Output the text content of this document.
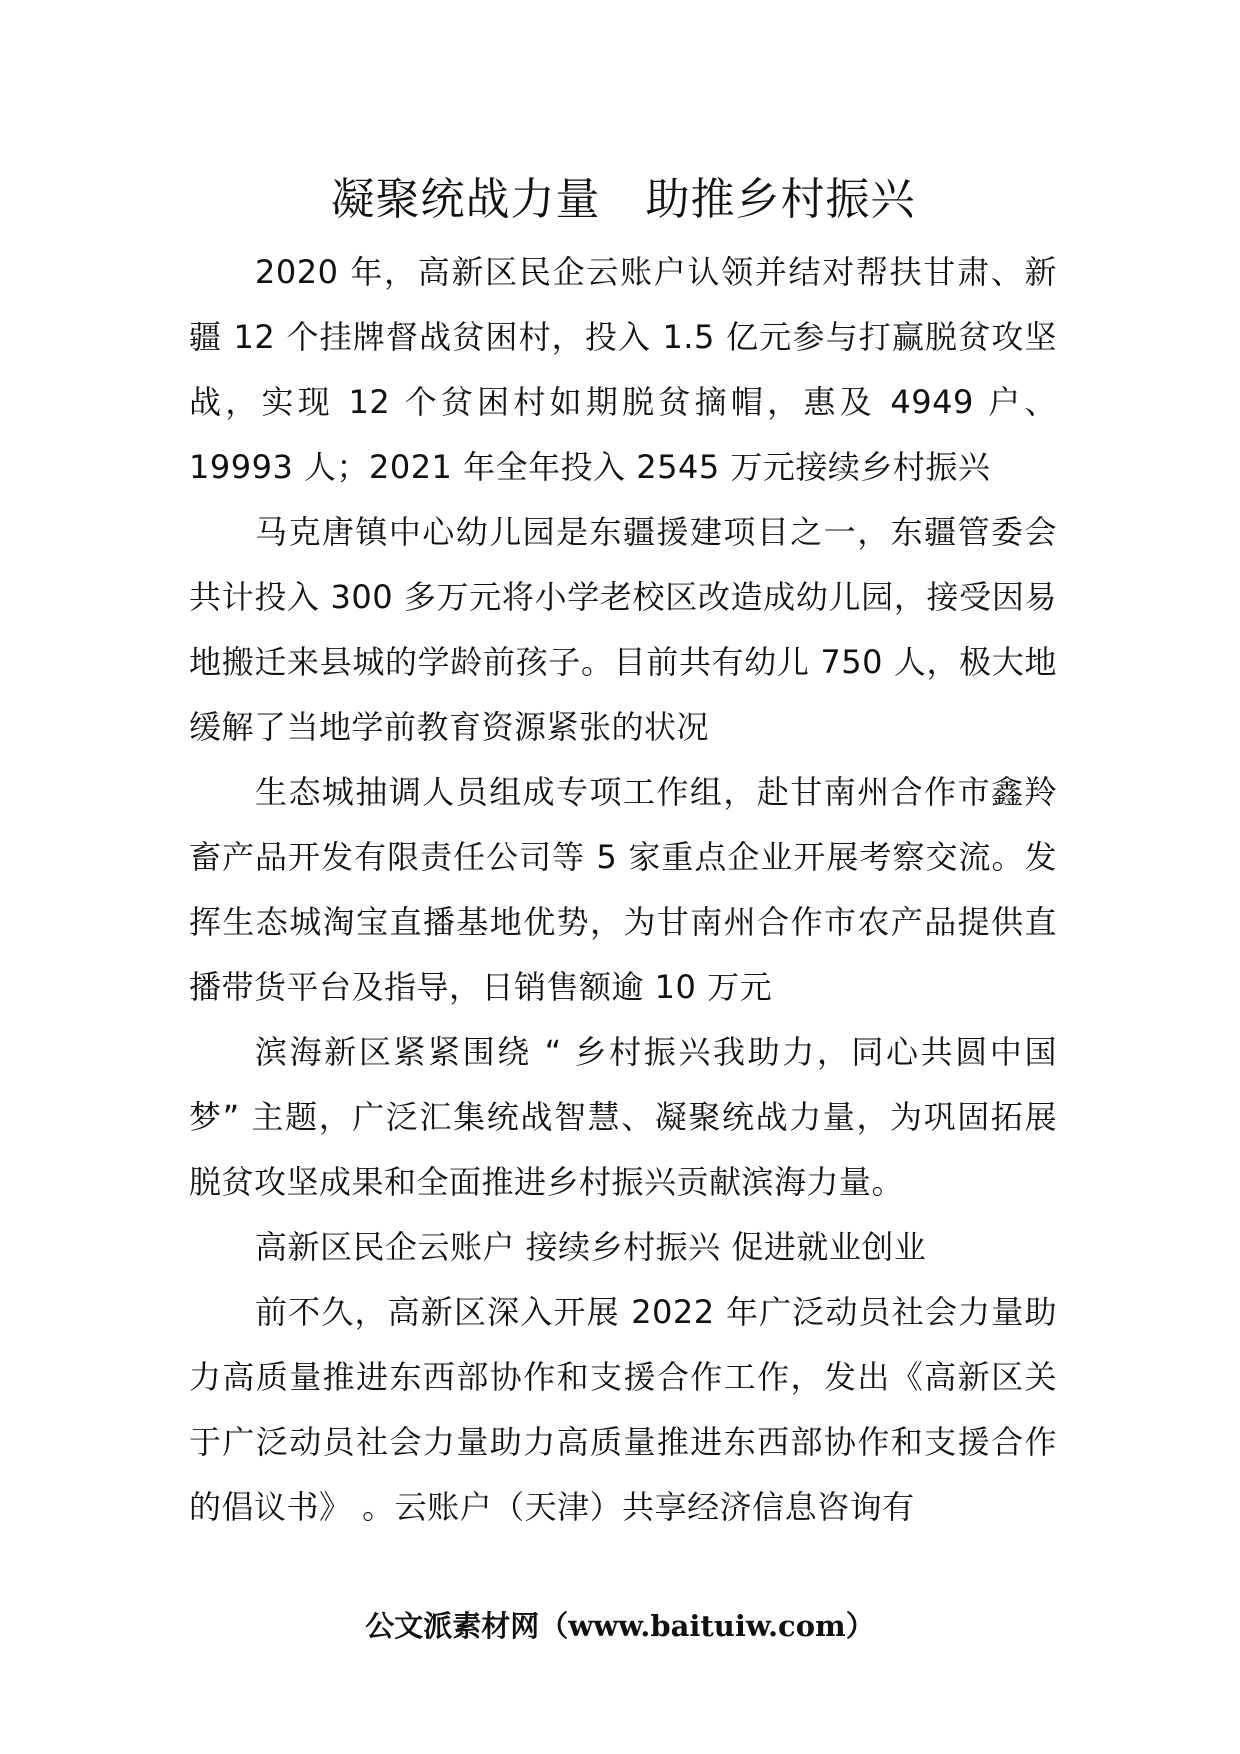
凝聚统战力量　助推乡村振兴

2020 年，高新区民企云账户认领并结对帮扶甘肃、新疆 12 个挂牌督战贫困村，投入 1.5 亿元参与打赢脱贫攻坚战，实现 12 个贫困村如期脱贫摘帽，惠及 4949 户、19993 人；2021 年全年投入 2545 万元接续乡村振兴

马克唐镇中心幼儿园是东疆援建项目之一，东疆管委会共计投入 300 多万元将小学老校区改造成幼儿园，接受因易地搬迁来县城的学龄前孩子。目前共有幼儿 750 人，极大地缓解了当地学前教育资源紧张的状况

生态城抽调人员组成专项工作组，赴甘南州合作市鑫羚畜产品开发有限责任公司等 5 家重点企业开展考察交流。发挥生态城淘宝直播基地优势，为甘南州合作市农产品提供直播带货平台及指导，日销售额逾 10 万元

滨海新区紧紧围绕 “ 乡村振兴我助力，同心共圆中国梦” 主题，广泛汇集统战智慧、凝聚统战力量，为巩固拓展脱贫攻坚成果和全面推进乡村振兴贡献滨海力量。

高新区民企云账户 接续乡村振兴 促进就业创业

前不久，高新区深入开展 2022 年广泛动员社会力量助力高质量推进东西部协作和支援合作工作，发出《高新区关于广泛动员社会力量助力高质量推进东西部协作和支援合作的倡议书》 。云账户（天津）共享经济信息咨询有

公文派素材网（www.baituiw.com）
